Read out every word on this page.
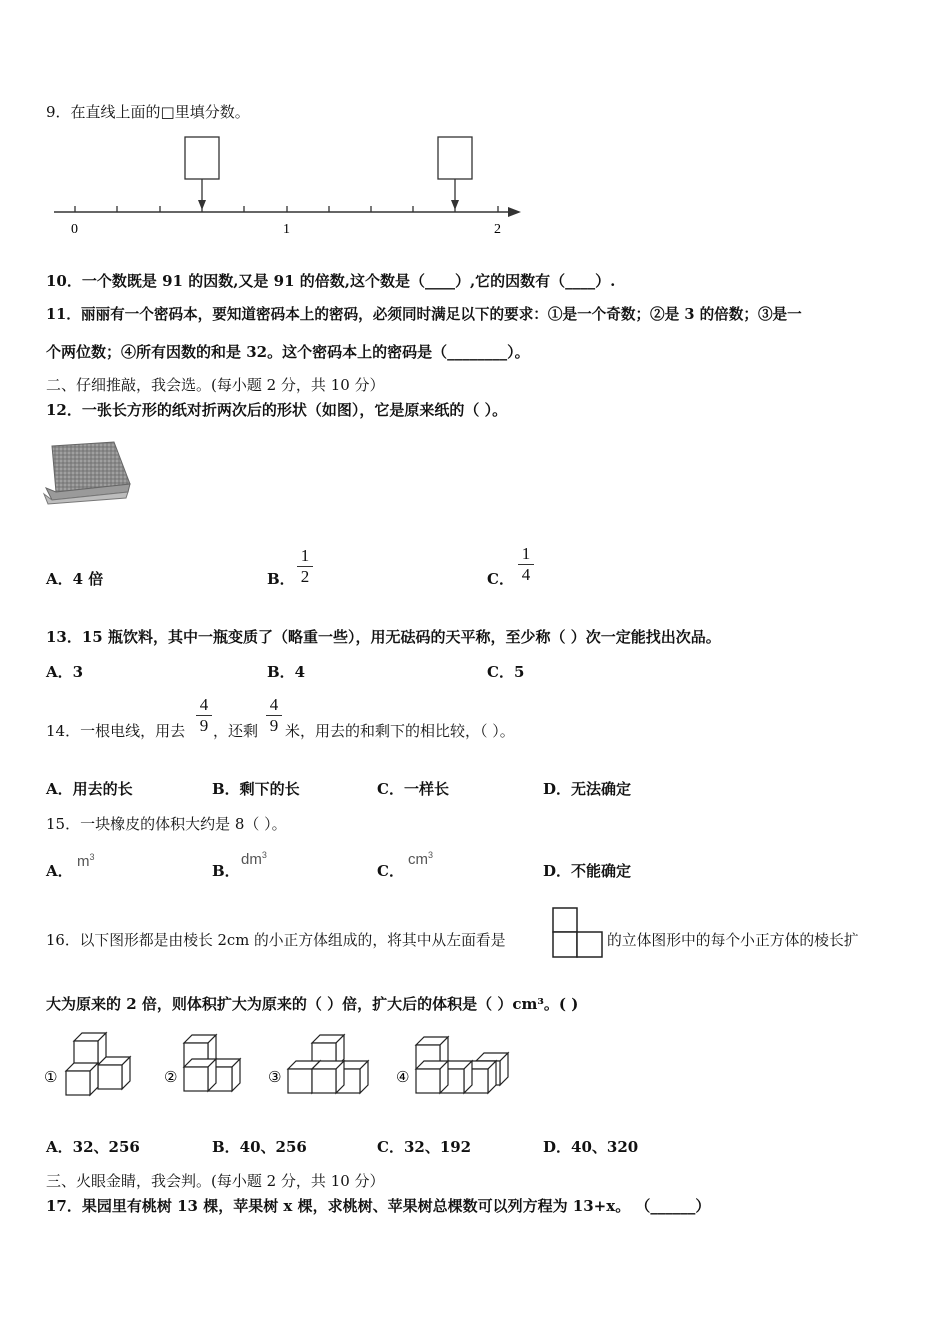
9．在直线上面的□里填分数。
0	1	2
10．一个数既是 91 的因数,又是 91 的倍数,这个数是（____）,它的因数有（____）.
11．丽丽有一个密码本，要知道密码本上的密码，必须同时满足以下的要求：①是一个奇数；②是 3 的倍数；③是一
个两位数；④所有因数的和是 32。这个密码本上的密码是（________）。
二、仔细推敲，我会选。(每小题 2 分，共 10 分）
12．一张长方形的纸对折两次后的形状（如图），它是原来纸的（ ）。
A．4 倍	B．
1
2	C．
1
4
13．15 瓶饮料，其中一瓶变质了（略重一些），用无砝码的天平称，至少称（ ）次一定能找出次品。
A．3	B．4	C．5
14．一根电线，用去
4
9 ，还剩
4
9 米，用去的和剩下的相比较，（ ）。
A．用去的长	B．剩下的长	C．一样长	D．无法确定
15．一块橡皮的体积大约是 8（ ）。
A．
$m^3$
B．
$dm^3$
C．
$cm^3$
D．不能确定
16．以下图形都是由棱长 2cm 的小正方体组成的，将其中从左面看是	的立体图形中的每个小正方体的棱长扩
大为原来的 2 倍，则体积扩大为原来的（ ）倍，扩大后的体积是（ ）cm³。( )
①	②	③	④
A．32、256	B．40、256	C．32、192	D．40、320
三、火眼金睛，我会判。(每小题 2 分，共 10 分）
17．果园里有桃树 13 棵，苹果树 x 棵，求桃树、苹果树总棵数可以列方程为 13+x。 （______）
